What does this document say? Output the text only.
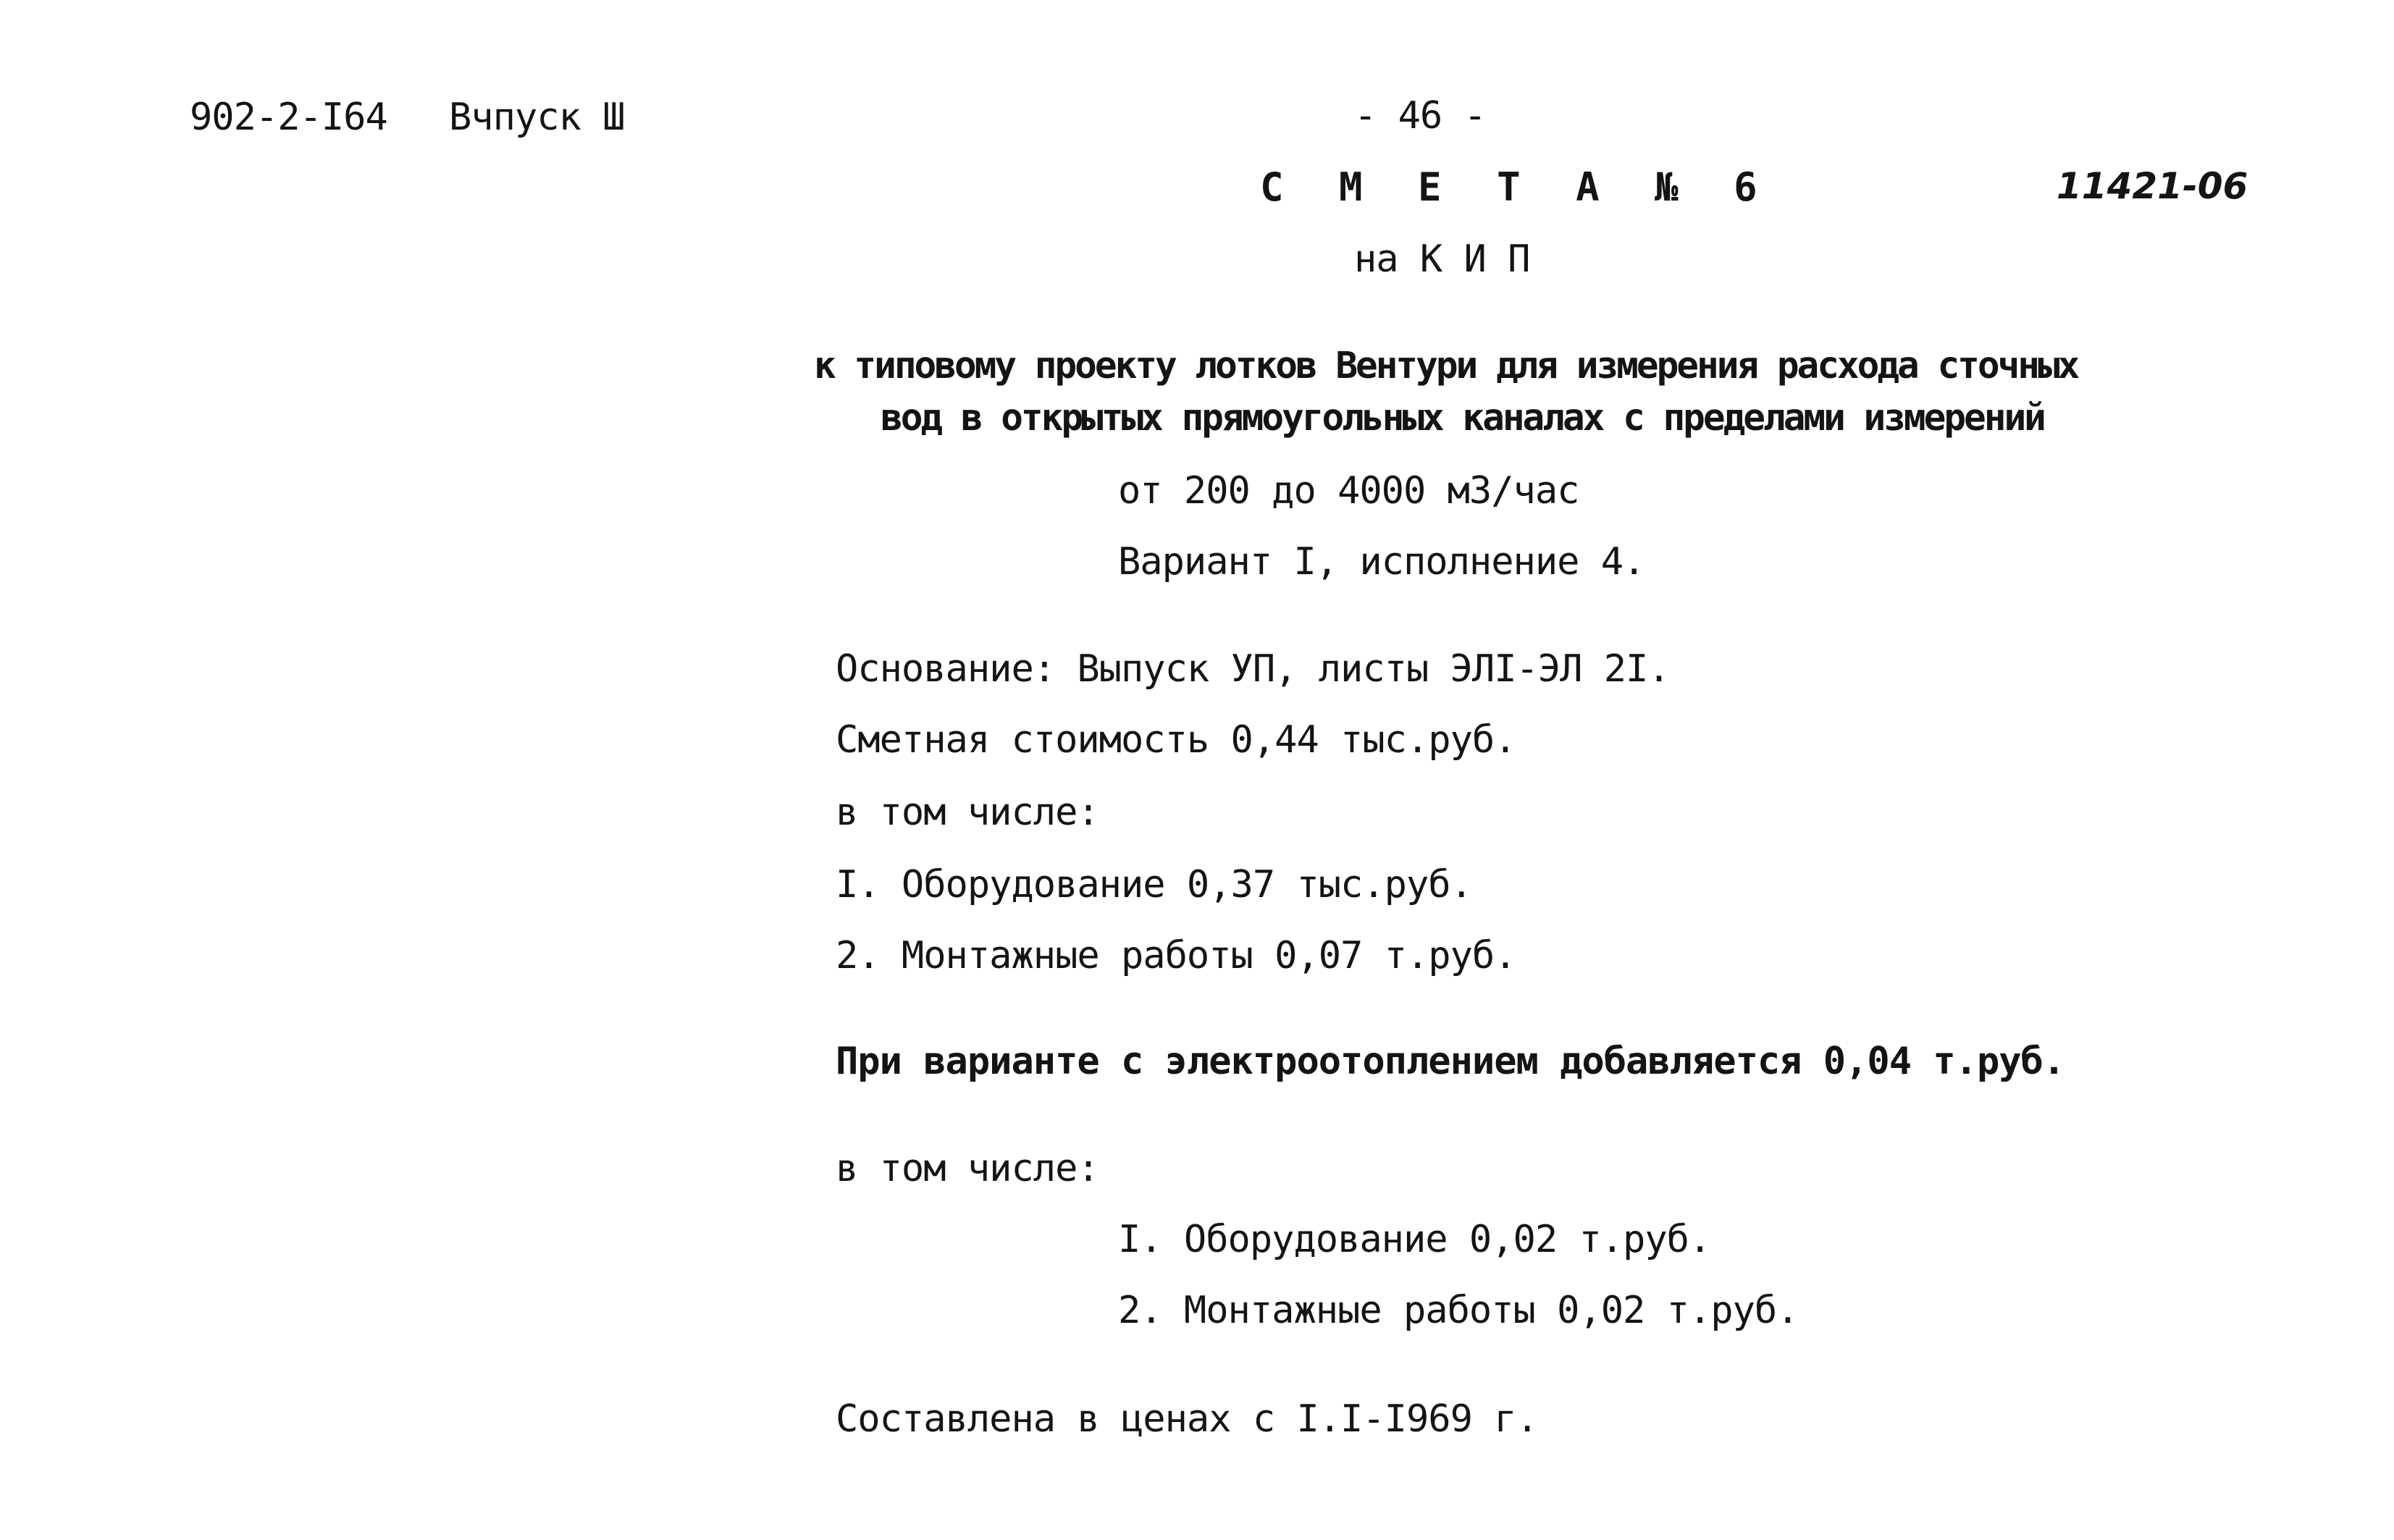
902-2-I64 Вчпуск Ш	- 46 -
11421-06
С М Е Т А № 6
на К И П
к типовому проекту лотков Вентури для измерения расхода сточных
вод в открытых прямоугольных каналах с пределами измерений
от 200 до 4000 м3/час
Вариант I, исполнение 4.
Основание: Выпуск УП, листы ЭЛI-ЭЛ 2I.
Сметная стоимость 0,44 тыс.руб.
в том числе:
I. Оборудование 0,37 тыс.руб.
2. Монтажные работы 0,07 т.руб.
При варианте с электроотоплением добавляется 0,04 т.руб.
в том числе:
I. Оборудование 0,02 т.руб.
2. Монтажные работы 0,02 т.руб.
Составлена в ценах с I.I-I969 г.
